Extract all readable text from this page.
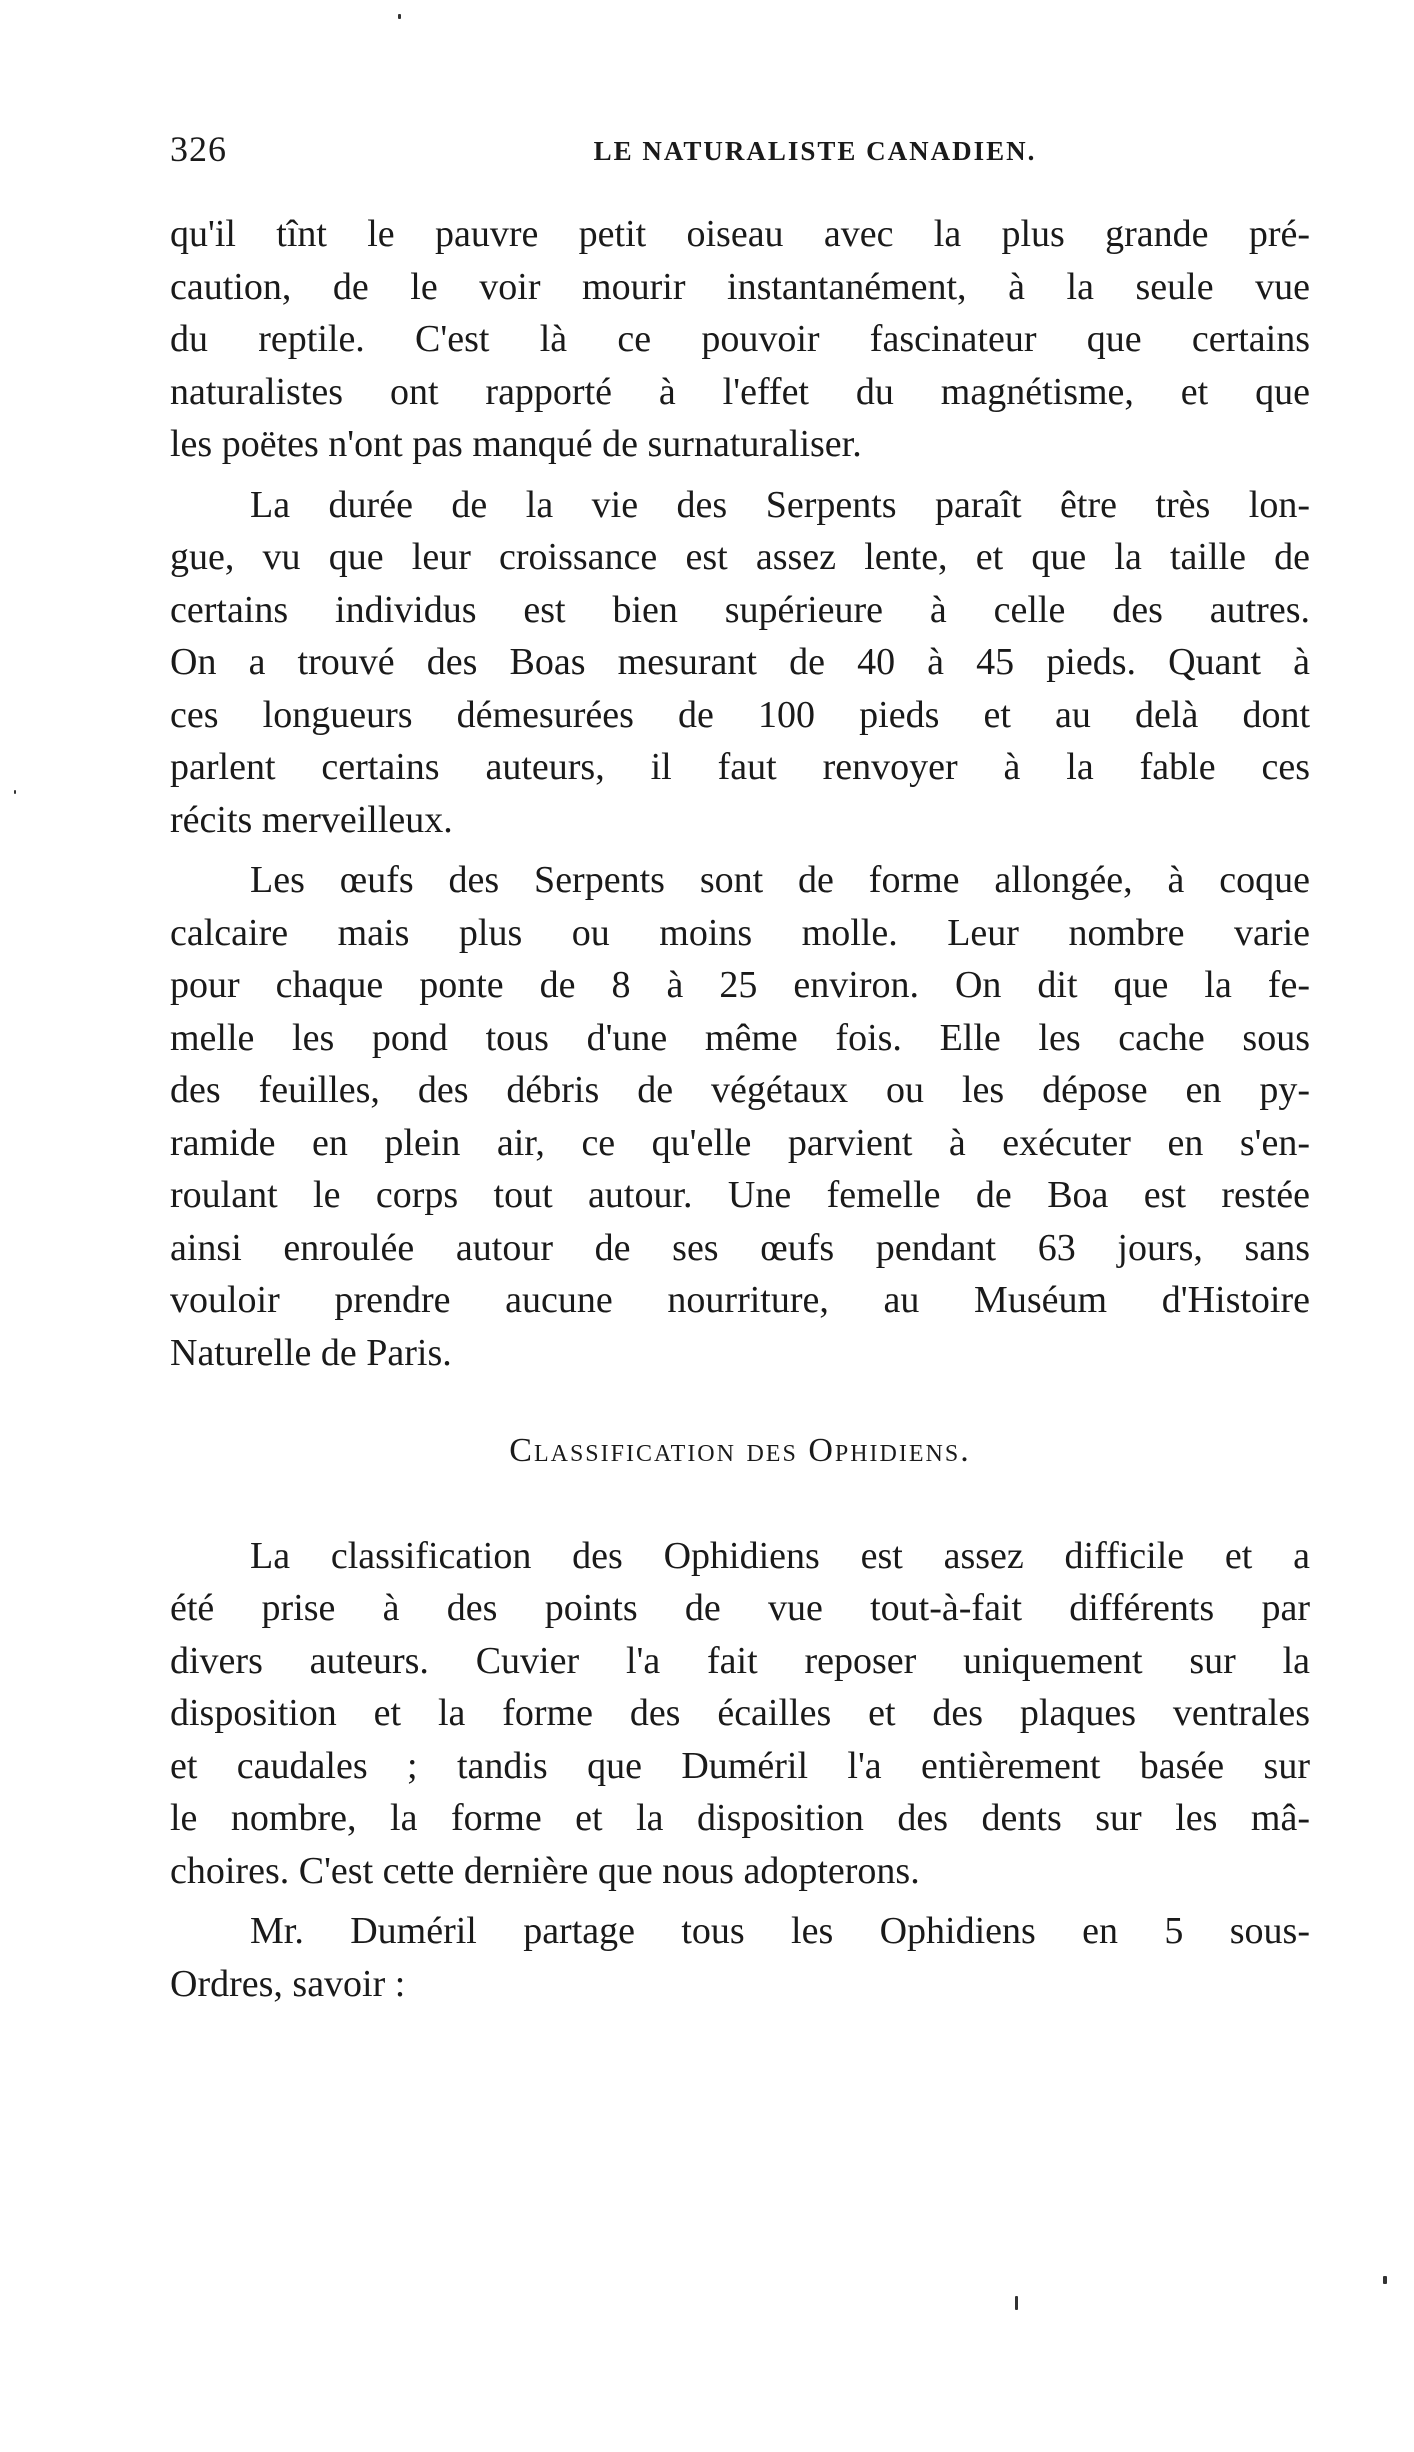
326	LE NATURALISTE CANADIEN.
qu'il tînt le pauvre petit oiseau avec la plus grande pré-
caution, de le voir mourir instantanément, à la seule vue
du reptile. C'est là ce pouvoir fascinateur que certains
naturalistes ont rapporté à l'effet du magnétisme, et que
les poëtes n'ont pas manqué de surnaturaliser.
La durée de la vie des Serpents paraît être très lon-
gue, vu que leur croissance est assez lente, et que la taille de
certains individus est bien supérieure à celle des autres.
On a trouvé des Boas mesurant de 40 à 45 pieds. Quant à
ces longueurs démesurées de 100 pieds et au delà dont
parlent certains auteurs, il faut renvoyer à la fable ces
récits merveilleux.
Les œufs des Serpents sont de forme allongée, à coque
calcaire mais plus ou moins molle. Leur nombre varie
pour chaque ponte de 8 à 25 environ. On dit que la fe-
melle les pond tous d'une même fois. Elle les cache sous
des feuilles, des débris de végétaux ou les dépose en py-
ramide en plein air, ce qu'elle parvient à exécuter en s'en-
roulant le corps tout autour. Une femelle de Boa est restée
ainsi enroulée autour de ses œufs pendant 63 jours, sans
vouloir prendre aucune nourriture, au Muséum d'Histoire
Naturelle de Paris.
Classification des Ophidiens.
La classification des Ophidiens est assez difficile et a
été prise à des points de vue tout-à-fait différents par
divers auteurs. Cuvier l'a fait reposer uniquement sur la
disposition et la forme des écailles et des plaques ventrales
et caudales ; tandis que Duméril l'a entièrement basée sur
le nombre, la forme et la disposition des dents sur les mâ-
choires. C'est cette dernière que nous adopterons.
Mr. Duméril partage tous les Ophidiens en 5 sous-
Ordres, savoir :
